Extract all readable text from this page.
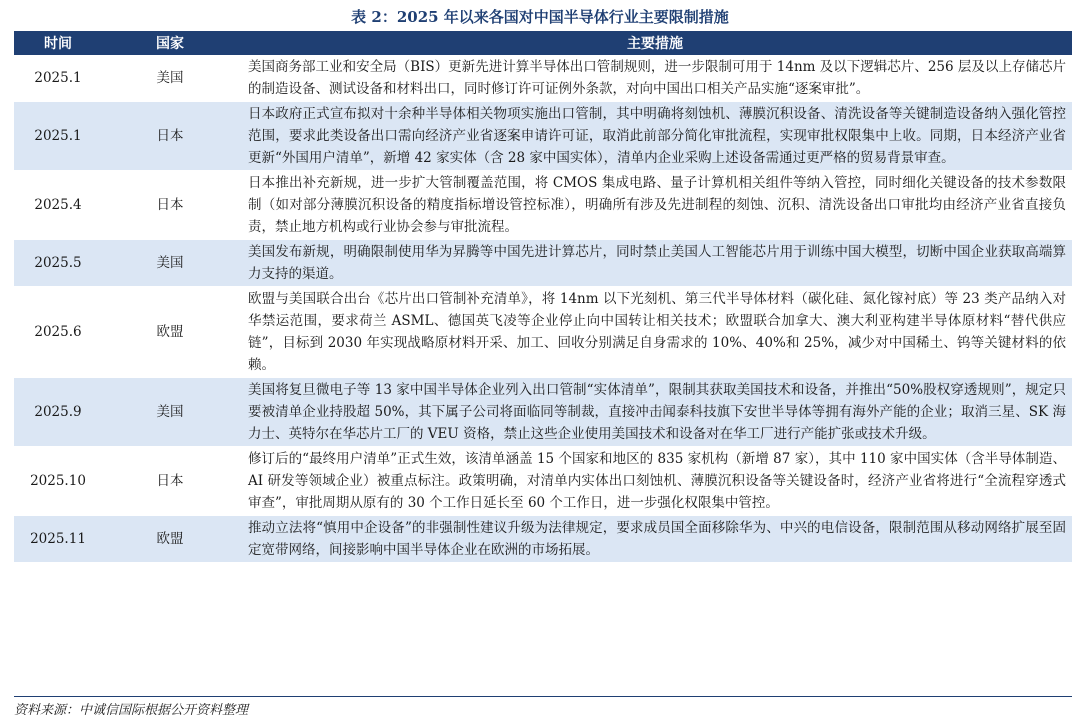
表 2：2025 年以来各国对中国半导体行业主要限制措施
时间	国家	主要措施
2025.1	美国	美国商务部工业和安全局（BIS）更新先进计算半导体出口管制规则，进一步限制可用于 14nm 及以下逻辑芯片、256 层及以上存储芯片的制造设备、测试设备和材料出口，同时修订许可证例外条款，对向中国出口相关产品实施“逐案审批”。
2025.1	日本	日本政府正式宣布拟对十余种半导体相关物项实施出口管制，其中明确将刻蚀机、薄膜沉积设备、清洗设备等关键制造设备纳入强化管控范围，要求此类设备出口需向经济产业省逐案申请许可证，取消此前部分简化审批流程，实现审批权限集中上收。同期，日本经济产业省更新“外国用户清单”，新增 42 家实体（含 28 家中国实体），清单内企业采购上述设备需通过更严格的贸易背景审查。
2025.4	日本	日本推出补充新规，进一步扩大管制覆盖范围，将 CMOS 集成电路、量子计算机相关组件等纳入管控，同时细化关键设备的技术参数限制（如对部分薄膜沉积设备的精度指标增设管控标准），明确所有涉及先进制程的刻蚀、沉积、清洗设备出口审批均由经济产业省直接负责，禁止地方机构或行业协会参与审批流程。
2025.5	美国	美国发布新规，明确限制使用华为昇腾等中国先进计算芯片，同时禁止美国人工智能芯片用于训练中国大模型，切断中国企业获取高端算力支持的渠道。
2025.6	欧盟	欧盟与美国联合出台《芯片出口管制补充清单》，将 14nm 以下光刻机、第三代半导体材料（碳化硅、氮化镓衬底）等 23 类产品纳入对华禁运范围，要求荷兰 ASML、德国英飞凌等企业停止向中国转让相关技术；欧盟联合加拿大、澳大利亚构建半导体原材料“替代供应链”，目标到 2030 年实现战略原材料开采、加工、回收分别满足自身需求的 10%、40%和 25%，减少对中国稀土、钨等关键材料的依赖。
2025.9	美国	美国将复旦微电子等 13 家中国半导体企业列入出口管制“实体清单”，限制其获取美国技术和设备，并推出“50%股权穿透规则”，规定只要被清单企业持股超 50%，其下属子公司将面临同等制裁，直接冲击闻泰科技旗下安世半导体等拥有海外产能的企业；取消三星、SK 海力士、英特尔在华芯片工厂的 VEU 资格，禁止这些企业使用美国技术和设备对在华工厂进行产能扩张或技术升级。
2025.10	日本	修订后的“最终用户清单”正式生效，该清单涵盖 15 个国家和地区的 835 家机构（新增 87 家），其中 110 家中国实体（含半导体制造、AI 研发等领域企业）被重点标注。政策明确，对清单内实体出口刻蚀机、薄膜沉积设备等关键设备时，经济产业省将进行“全流程穿透式审查”，审批周期从原有的 30 个工作日延长至 60 个工作日，进一步强化权限集中管控。
2025.11	欧盟	推动立法将“慎用中企设备”的非强制性建议升级为法律规定，要求成员国全面移除华为、中兴的电信设备，限制范围从移动网络扩展至固定宽带网络，间接影响中国半导体企业在欧洲的市场拓展。
资料来源：中诚信国际根据公开资料整理
